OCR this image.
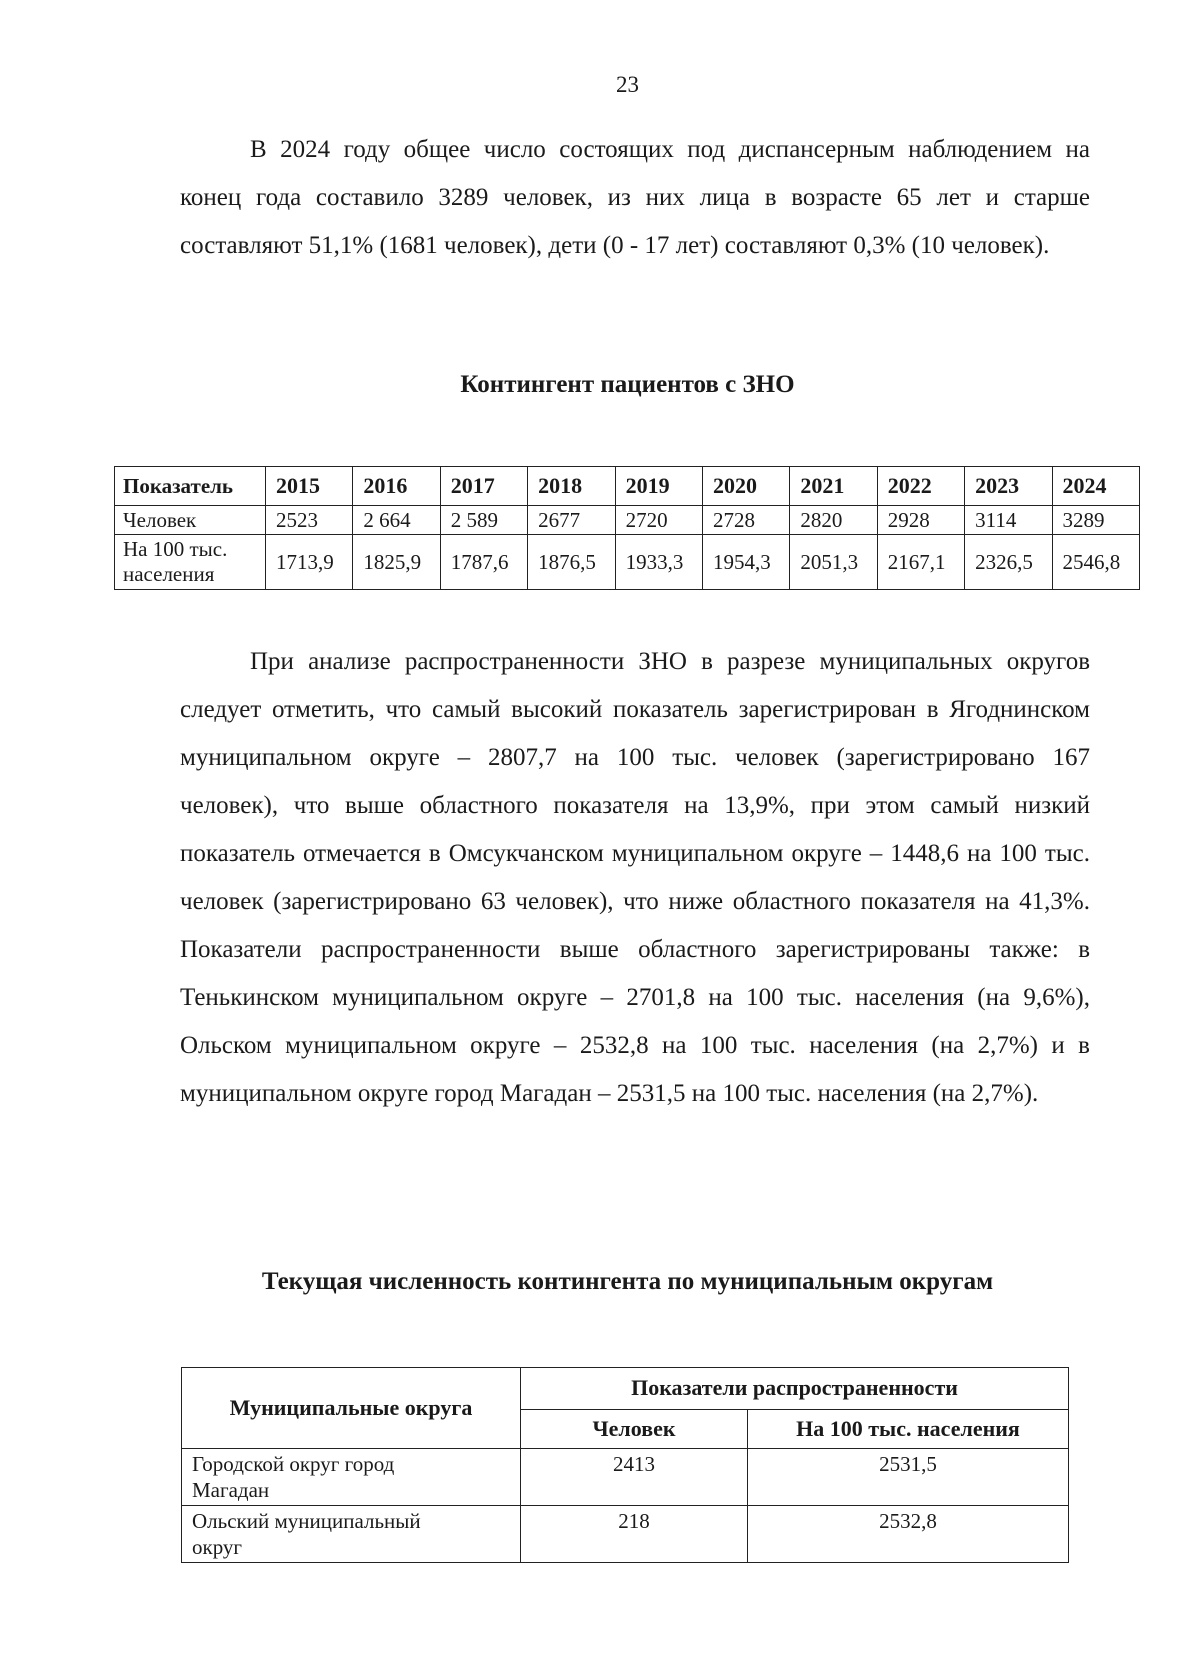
23

В 2024 году общее число состоящих под диспансерным наблюдением на конец года составило 3289 человек, из них лица в возрасте 65 лет и старше составляют 51,1% (1681 человек), дети (0 - 17 лет) составляют 0,3% (10 человек).

Контингент пациентов с ЗНО
Показатель	2015	2016	2017	2018	2019	2020	2021	2022	2023	2024
Человек	2523	2 664	2 589	2677	2720	2728	2820	2928	3114	3289
На 100 тыс.
населения	1713,9	1825,9	1787,6	1876,5	1933,3	1954,3	2051,3	2167,1	2326,5	2546,8

При анализе распространенности ЗНО в разрезе муниципальных округов следует отметить, что самый высокий показатель зарегистрирован в Ягоднинском муниципальном округе – 2807,7 на 100 тыс. человек (зарегистрировано 167 человек), что выше областного показателя на 13,9%, при этом самый низкий показатель отмечается в Омсукчанском муниципальном округе – 1448,6 на 100 тыс. человек (зарегистрировано 63 человек), что ниже областного показателя на 41,3%. Показатели распространенности выше областного зарегистрированы также: в Тенькинском муниципальном округе – 2701,8 на 100 тыс. населения (на 9,6%), Ольском муниципальном округе – 2532,8 на 100 тыс. населения (на 2,7%) и в муниципальном округе город Магадан – 2531,5 на 100 тыс. населения (на 2,7%).

Текущая численность контингента по муниципальным округам
Муниципальные округа	Показатели распространенности	
	Человек	На 100 тыс. населения
Городской округ город
Магадан	2413	2531,5
Ольский муниципальный
округ	218	2532,8
